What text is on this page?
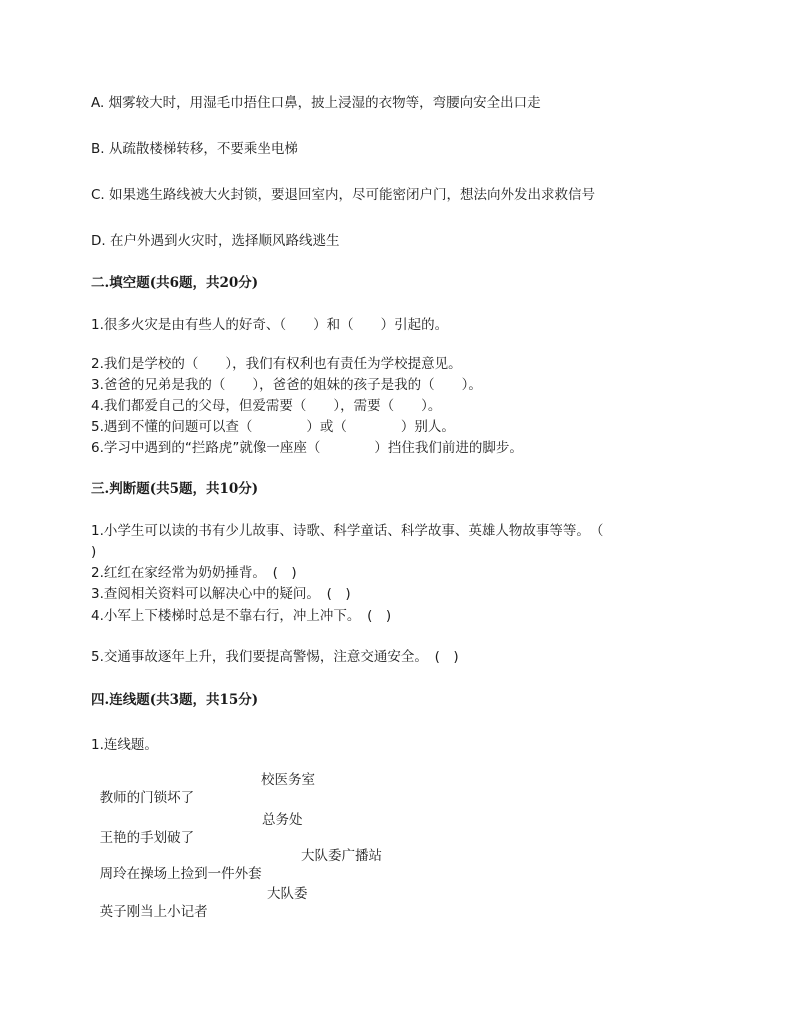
A. 烟雾较大时，用湿毛巾捂住口鼻，披上浸湿的衣物等，弯腰向安全出口走
B. 从疏散楼梯转移，不要乘坐电梯
C. 如果逃生路线被大火封锁，要退回室内，尽可能密闭户门，想法向外发出求救信号
D. 在户外遇到火灾时，选择顺风路线逃生
二.填空题(共6题，共20分)
1.很多火灾是由有些人的好奇、（　　）和（　　）引起的。
2.我们是学校的（　　），我们有权利也有责任为学校提意见。
3.爸爸的兄弟是我的（　　），爸爸的姐妹的孩子是我的（　　）。
4.我们都爱自己的父母，但爱需要（　　），需要（　　）。
5.遇到不懂的问题可以查（　　　　）或（　　　　）别人。
6.学习中遇到的“拦路虎”就像一座座（　　　　）挡住我们前进的脚步。
三.判断题(共5题，共10分)
1.小学生可以读的书有少儿故事、诗歌、科学童话、科学故事、英雄人物故事等等。　（
)
2.红红在家经常为奶奶捶背。　(　)
3.查阅相关资料可以解决心中的疑问。　(　)
4.小军上下楼梯时总是不靠右行，冲上冲下。　(　)
5.交通事故逐年上升，我们要提高警惕，注意交通安全。　(　)
四.连线题(共3题，共15分)
1.连线题。

教师的门锁坏了

校医务室

王艳的手划破了

总务处

周玲在操场上捡到一件外套

大队委广播站

英子刚当上小记者

大队委
